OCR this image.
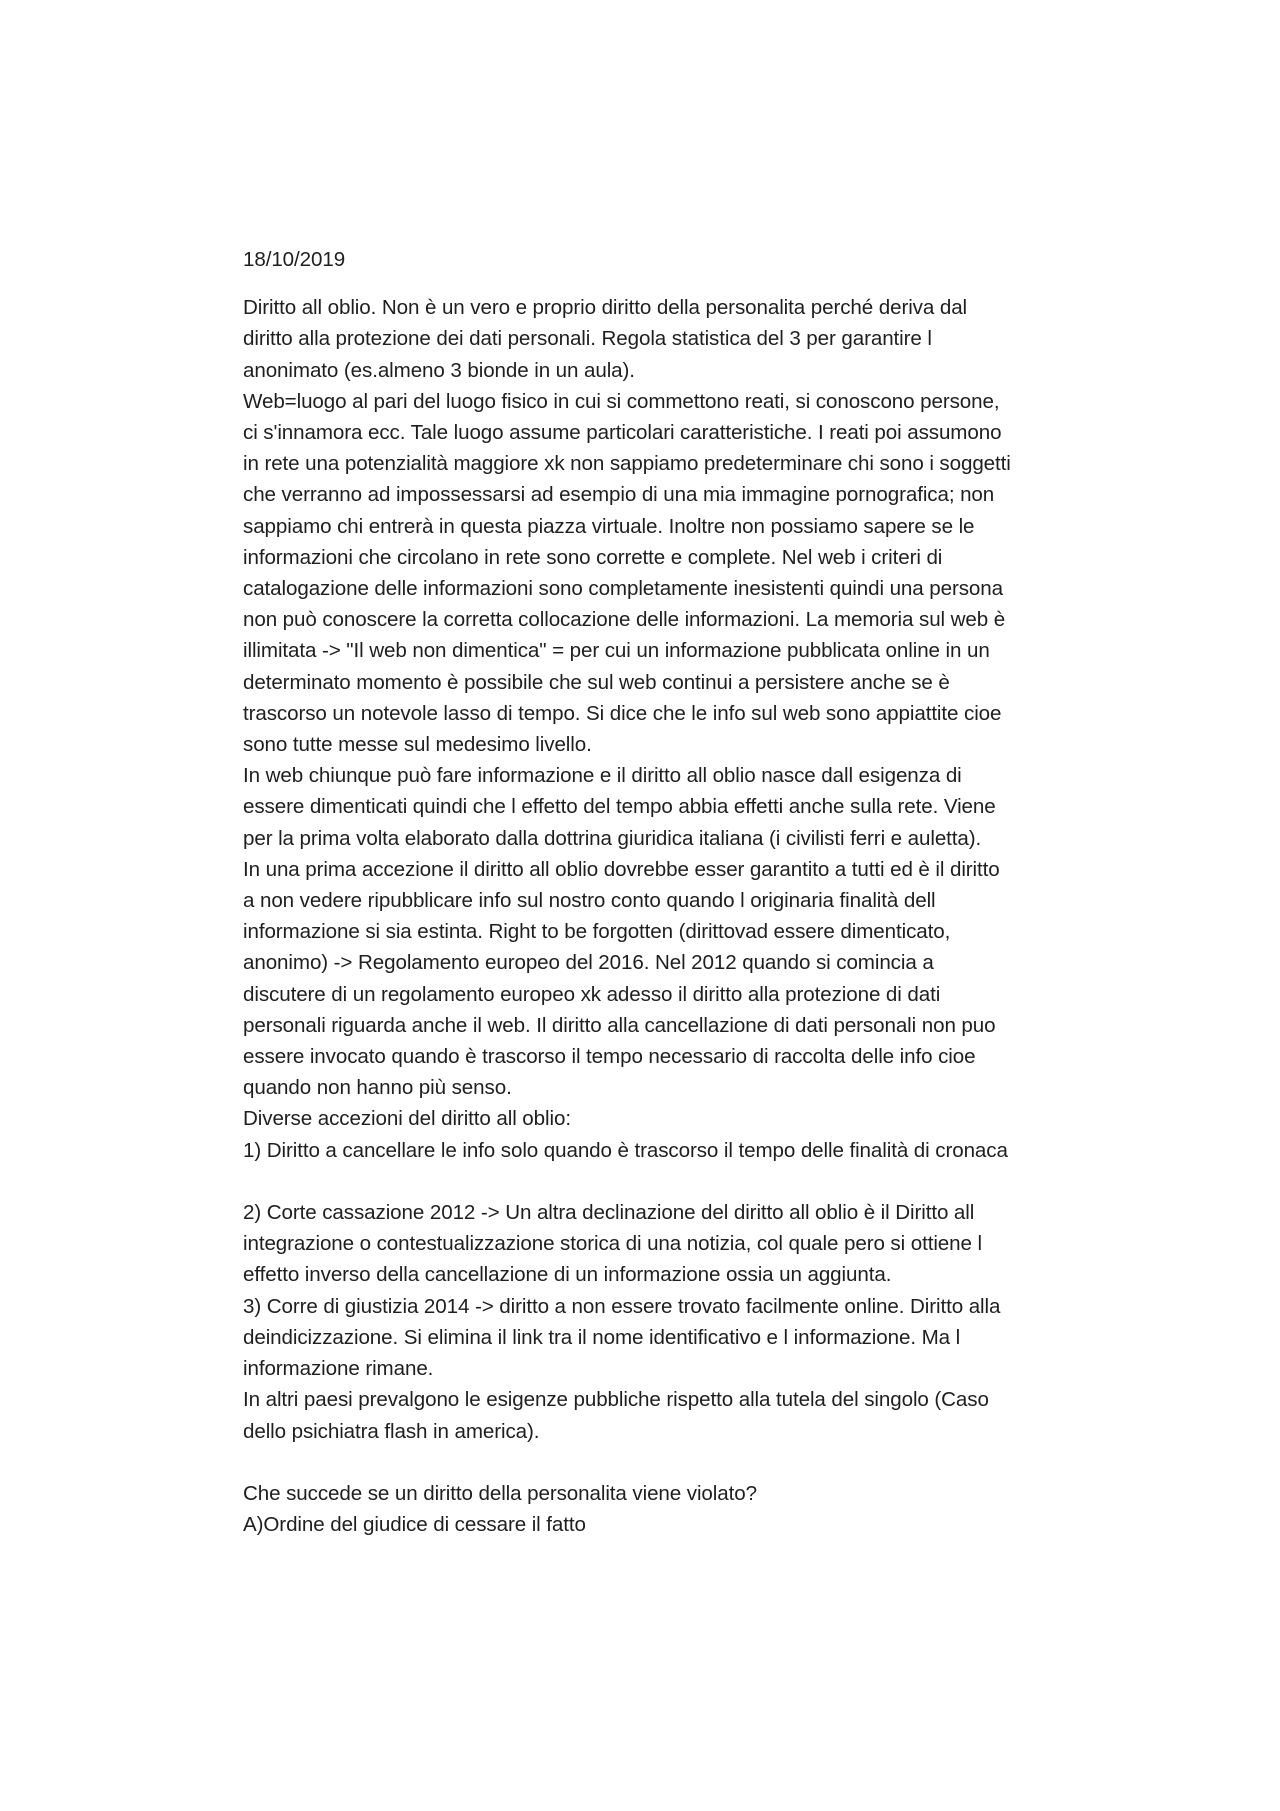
18/10/2019

Diritto all oblio. Non è un vero e proprio diritto della personalita perché deriva dal

diritto alla protezione dei dati personali. Regola statistica del 3 per garantire l

anonimato (es.almeno 3 bionde in un aula).

Web=luogo al pari del luogo fisico in cui si commettono reati, si conoscono persone,

ci s'innamora ecc. Tale luogo assume particolari caratteristiche. I reati poi assumono

in rete una potenzialità maggiore xk non sappiamo predeterminare chi sono i soggetti

che verranno ad impossessarsi ad esempio di una mia immagine pornografica; non

sappiamo chi entrerà in questa piazza virtuale. Inoltre non possiamo sapere se le

informazioni che circolano in rete sono corrette e complete. Nel web i criteri di

catalogazione delle informazioni sono completamente inesistenti quindi una persona

non può conoscere la corretta collocazione delle informazioni. La memoria sul web è

illimitata -> "Il web non dimentica" = per cui un informazione pubblicata online in un

determinato momento è possibile che sul web continui a persistere anche se è

trascorso un notevole lasso di tempo. Si dice che le info sul web sono appiattite cioe

sono tutte messe sul medesimo livello.

In web chiunque può fare informazione e il diritto all oblio nasce dall esigenza di

essere dimenticati quindi che l effetto del tempo abbia effetti anche sulla rete. Viene

per la prima volta elaborato dalla dottrina giuridica italiana (i civilisti ferri e auletta).

In una prima accezione il diritto all oblio dovrebbe esser garantito a tutti ed è il diritto

a non vedere ripubblicare info sul nostro conto quando l originaria finalità dell

informazione si sia estinta. Right to be forgotten (dirittovad essere dimenticato,

anonimo) -> Regolamento europeo del 2016. Nel 2012 quando si comincia a

discutere di un regolamento europeo xk adesso il diritto alla protezione di dati

personali riguarda anche il web. Il diritto alla cancellazione di dati personali non puo

essere invocato quando è trascorso il tempo necessario di raccolta delle info cioe

quando non hanno più senso.

Diverse accezioni del diritto all oblio:

1) Diritto a cancellare le info solo quando è trascorso il tempo delle finalità di cronaca

2) Corte cassazione 2012 -> Un altra declinazione del diritto all oblio è il Diritto all

integrazione o contestualizzazione storica di una notizia, col quale pero si ottiene l

effetto inverso della cancellazione di un informazione ossia un aggiunta.

3) Corre di giustizia 2014 -> diritto a non essere trovato facilmente online. Diritto alla

deindicizzazione. Si elimina il link tra il nome identificativo e l informazione. Ma l

informazione rimane.

In altri paesi prevalgono le esigenze pubbliche rispetto alla tutela del singolo (Caso

dello psichiatra flash in america).

Che succede se un diritto della personalita viene violato?

A)Ordine del giudice di cessare il fatto
